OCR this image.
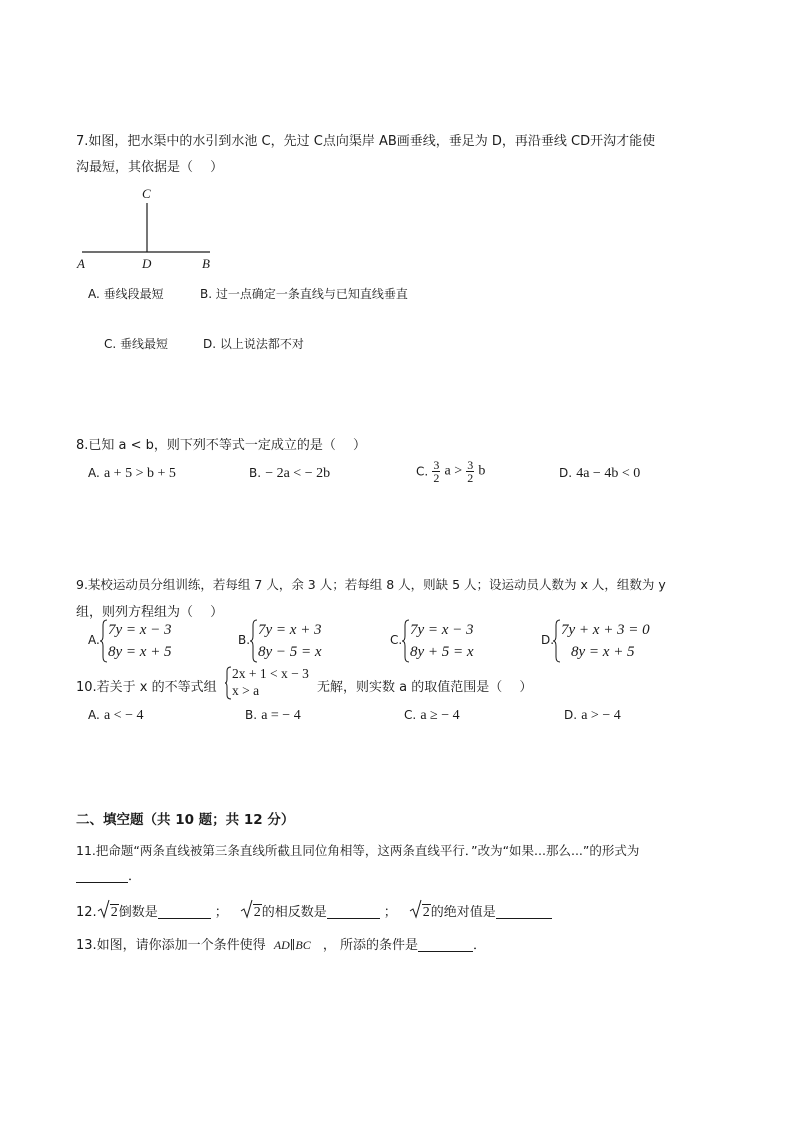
7.如图，把水渠中的水引到水池 C，先过 C点向渠岸 AB画垂线，垂足为 D，再沿垂线 CD开沟才能使
沟最短，其依据是（　 ）
C
A	D	B
A. 垂线段最短	B. 过一点确定一条直线与已知直线垂直
C. 垂线最短	D. 以上说法都不对
8.已知 a < b，则下列不等式一定成立的是（　 ）
A. a + 5 > b + 5	B. − 2a < − 2b	C. $\frac{3}{2}$ $a > \frac{3}{2}$ b	D. 4a − 4b < 0
9.某校运动员分组训练，若每组 7 人，余 3 人；若每组 8 人，则缺 5 人；设运动员人数为 x 人，组数为 y
组，则列方程组为（　 ）
A.
7y = x − 3
8y = x + 5
B.
7y = x + 3
8y − 5 = x
C.
7y = x − 3
8y + 5 = x
D.
7y + x + 3 = 0
8y = x + 5
10.若关于 x 的不等式组
2x + 1 < x − 3
x > a	无解，则实数 a 的取值范围是（　 ）
A. a < − 4	B. a = − 4	C. a ≥ − 4	D. a > − 4
二、填空题（共 10 题；共 12 分）
11.把命题“两条直线被第三条直线所截且同位角相等，这两条直线平行．”改为“如果...那么...”的形式为
．
12. 2倒数是	； 2的相反数是	； 2的绝对值是
13.如图，请你添加一个条件使得 AD∥BC ， 所添的条件是	．
